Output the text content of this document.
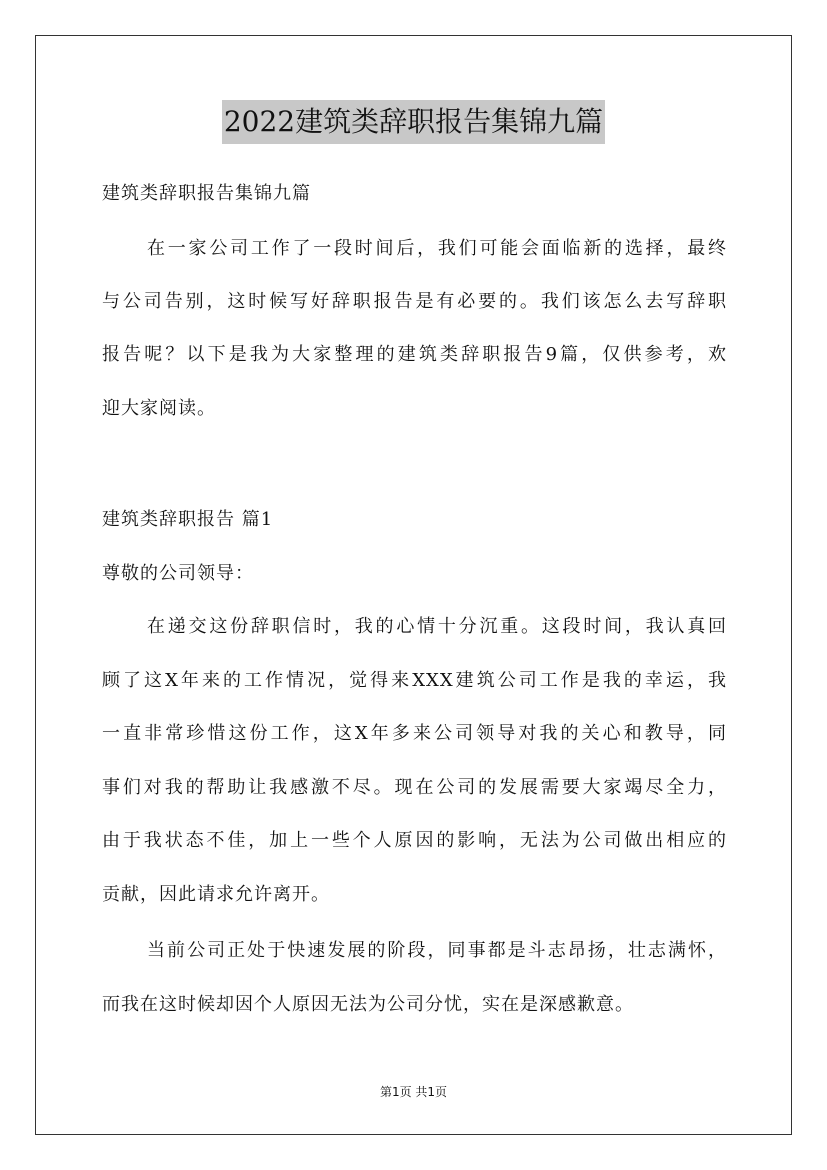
2022建筑类辞职报告集锦九篇
建筑类辞职报告集锦九篇
在一家公司工作了一段时间后，我们可能会面临新的选择，最终
与公司告别，这时候写好辞职报告是有必要的。我们该怎么去写辞职
报告呢？以下是我为大家整理的建筑类辞职报告9篇，仅供参考，欢
迎大家阅读。
建筑类辞职报告 篇1
尊敬的公司领导：
在递交这份辞职信时，我的心情十分沉重。这段时间，我认真回
顾了这X年来的工作情况，觉得来XXX建筑公司工作是我的幸运，我
一直非常珍惜这份工作，这X年多来公司领导对我的关心和教导，同
事们对我的帮助让我感激不尽。现在公司的发展需要大家竭尽全力，
由于我状态不佳，加上一些个人原因的影响，无法为公司做出相应的
贡献，因此请求允许离开。
当前公司正处于快速发展的阶段，同事都是斗志昂扬，壮志满怀，
而我在这时候却因个人原因无法为公司分忧，实在是深感歉意。
第1页 共1页
